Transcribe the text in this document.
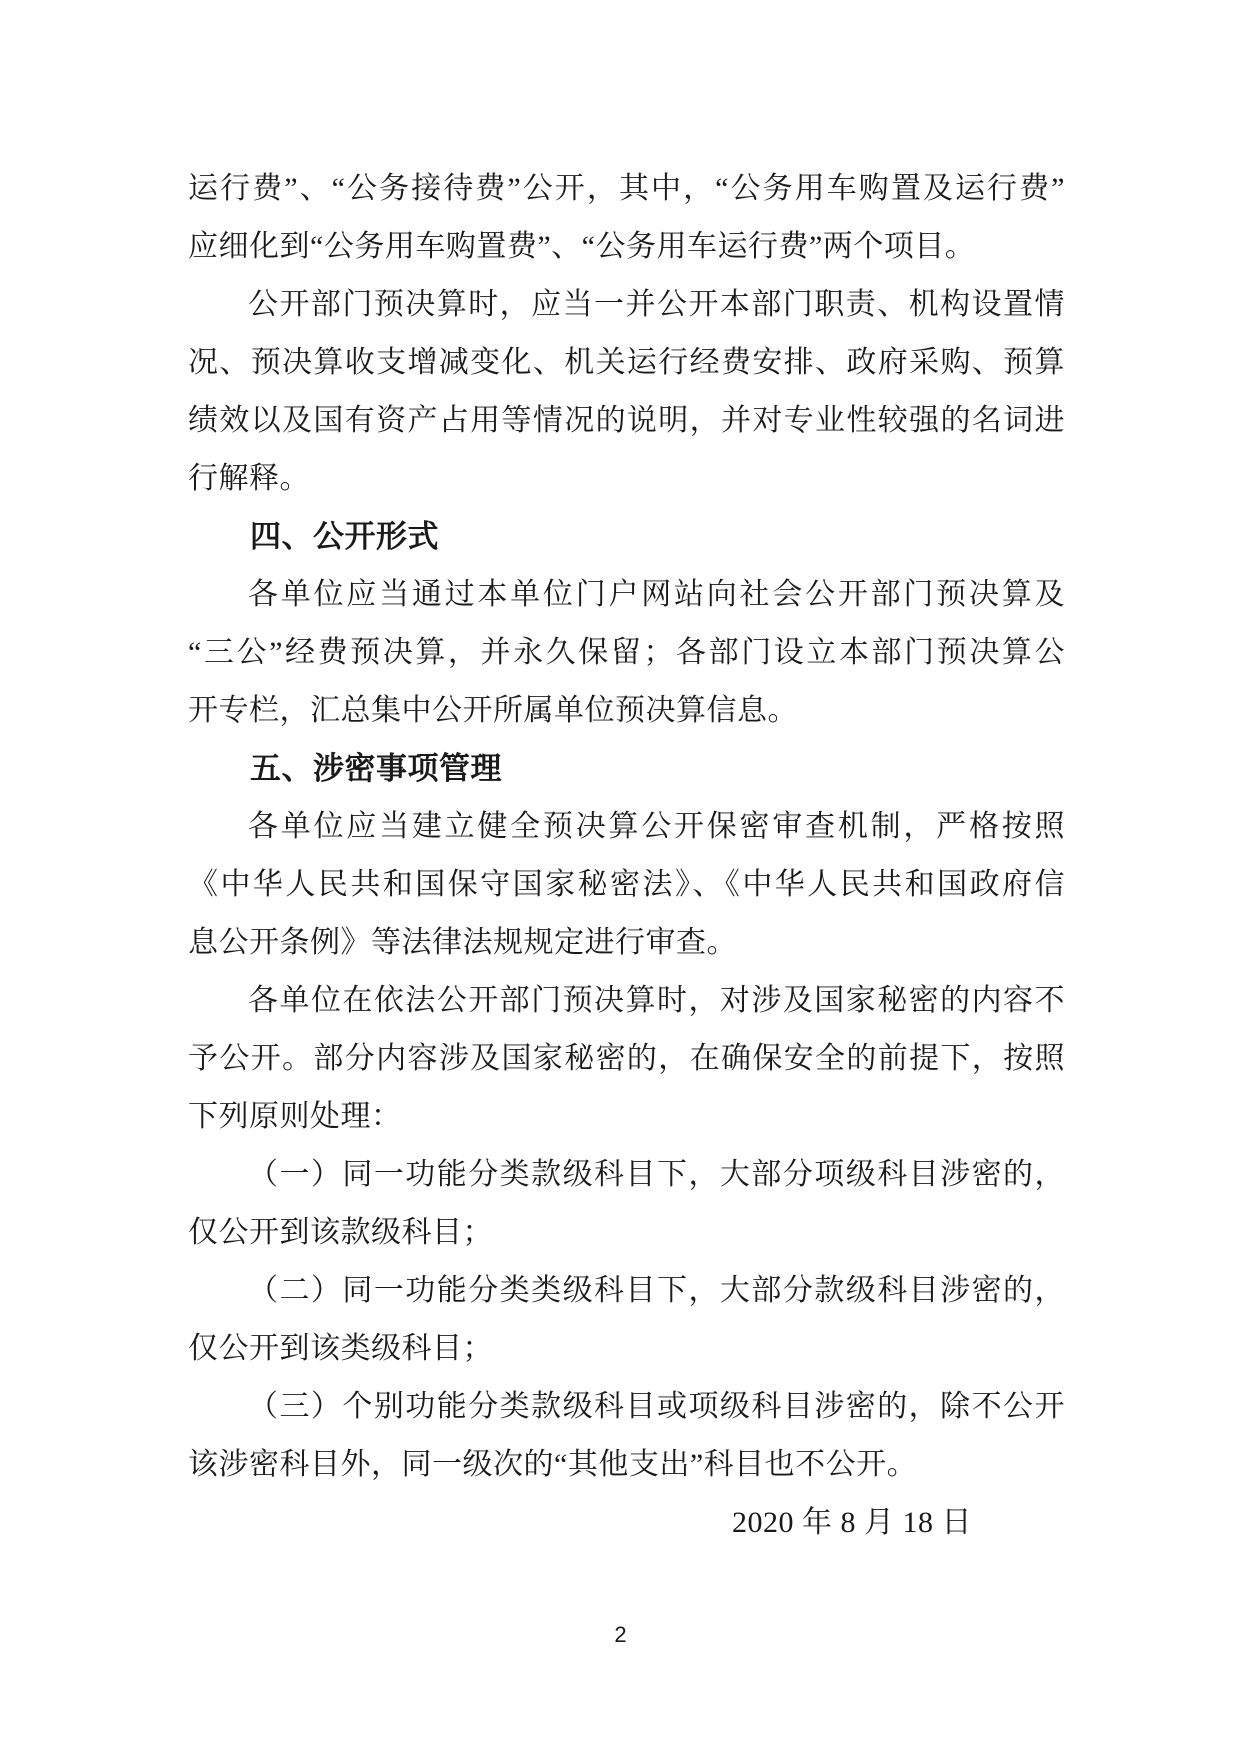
运行费”、“公务接待费”公开，其中，“公务用车购置及运行费”
应细化到“公务用车购置费”、“公务用车运行费”两个项目。
公开部门预决算时，应当一并公开本部门职责、机构设置情
况、预决算收支增减变化、机关运行经费安排、政府采购、预算
绩效以及国有资产占用等情况的说明，并对专业性较强的名词进
行解释。
四、公开形式
各单位应当通过本单位门户网站向社会公开部门预决算及
“三公”经费预决算，并永久保留；各部门设立本部门预决算公
开专栏，汇总集中公开所属单位预决算信息。
五、涉密事项管理
各单位应当建立健全预决算公开保密审查机制，严格按照
《中华人民共和国保守国家秘密法》、《中华人民共和国政府信
息公开条例》等法律法规规定进行审查。
各单位在依法公开部门预决算时，对涉及国家秘密的内容不
予公开。部分内容涉及国家秘密的，在确保安全的前提下，按照
下列原则处理：
（一）同一功能分类款级科目下，大部分项级科目涉密的，
仅公开到该款级科目；
（二）同一功能分类类级科目下，大部分款级科目涉密的，
仅公开到该类级科目；
（三）个别功能分类款级科目或项级科目涉密的，除不公开
该涉密科目外，同一级次的“其他支出”科目也不公开。
2020 年 8 月 18 日
2
